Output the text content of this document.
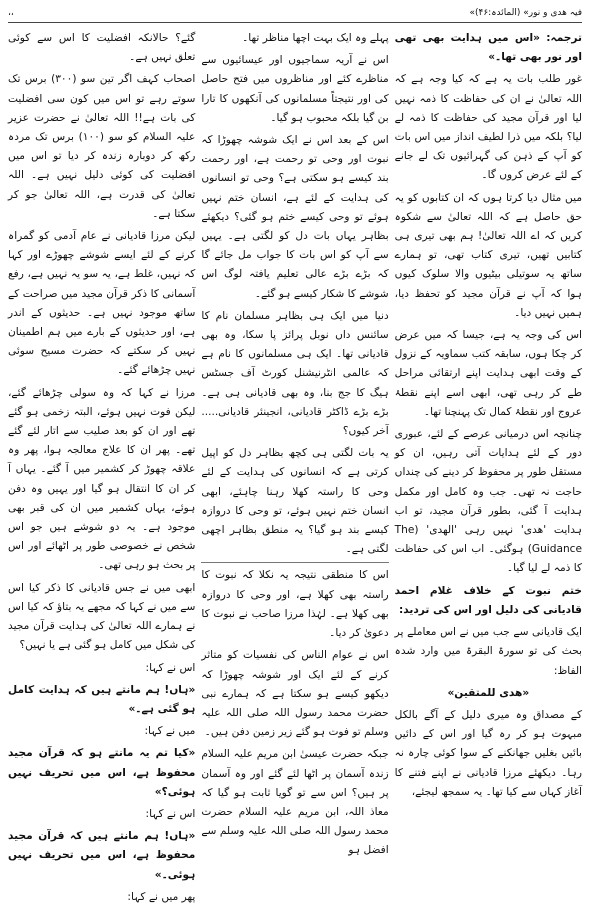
،،	«فیہ ھدی و نور» (المائدہ:۴۶)

ترجمہ: «اس میں ہدایت بھی تھی اور نور بھی تھا۔»

غور طلب بات یہ ہے کہ کیا وجہ ہے کہ اللہ تعالیٰ نے ان کی حفاظت کا ذمہ نہیں لیا اور قرآن مجید کی حفاظت کا ذمہ لے لیا؟ بلکہ میں ذرا لطیف انداز میں اس بات کو آپ کے ذہن کی گہرائیوں تک لے جانے کے لئے عرض کروں گا۔

میں مثال دیا کرتا ہوں کہ ان کتابوں کو یہ حق حاصل ہے کہ اللہ تعالیٰ سے شکوہ کریں کہ اے اللہ تعالیٰ! ہم بھی تیری ہی کتابیں تھیں، تیری کتاب تھی، تو ہمارے ساتھ یہ سوتیلی بیٹیوں والا سلوک کیوں ہوا کہ آپ نے قرآن مجید کو تحفظ دیا، ہمیں نہیں دیا۔

اس کی وجہ یہ ہے، جیسا کہ میں عرض کر چکا ہوں، سابقہ کتب سماویہ کے نزول کے وقت ابھی ہدایت اپنے ارتقائی مراحل طے کر رہی تھی، ابھی اسے اپنے نقطۂ عروج اور نقطۂ کمال تک پہنچنا تھا۔

چنانچہ اس درمیانی عرصے کے لئے، عبوری دور کے لئے ہدایات آتی رہیں، ان کو مستقل طور پر محفوظ کر دینے کی چنداں حاجت نہ تھی۔ جب وہ کامل اور مکمل ہدایت آ گئی، بطور قرآن مجید، تو اب ہدایت 'ھدی' نہیں رہی 'الھدی' (The Guidance) ہوگئی۔ اب اس کی حفاظت کا ذمہ لے لیا گیا۔

ختم نبوت کے خلاف غلام احمد قادیانی کی دلیل اور اس کی تردید:

ایک قادیانی سے جب میں نے اس معاملے پر بحث کی تو سورۃ البقرۃ میں وارد شدہ الفاظ:

«ھدی للمتقین»

کے مصداق وہ میری دلیل کے آگے بالکل مبہوت ہو کر رہ گیا اور اس کے دائیں بائیں بغلیں جھانکنے کے سوا کوئی چارہ نہ رہا۔ دیکھئے مرزا قادیانی نے اپنے فتنے کا آغاز کہاں سے کیا تھا۔ یہ سمجھ لیجئے،

پہلے وہ ایک بہت اچھا مناظر تھا۔

اس نے آریہ سماجیوں اور عیسائیوں سے مناظرے کئے اور مناظروں میں فتح حاصل کی اور نتیجتاً مسلمانوں کی آنکھوں کا تارا بن گیا بلکہ محبوب ہو گیا۔

اس کے بعد اس نے ایک شوشہ چھوڑا کہ نبوت اور وحی تو رحمت ہے، اور رحمت بند کیسے ہو سکتی ہے؟ وحی تو انسانوں کی ہدایت کے لئے ہے، انسان ختم نہیں ہوئے تو وحی کیسے ختم ہو گئی؟ دیکھئے بظاہر یہاں بات دل کو لگتی ہے۔ یہیں سے آپ کو اس بات کا جواب مل جائے گا کہ بڑے بڑے عالی تعلیم یافتہ لوگ اس شوشے کا شکار کیسے ہو گئے۔

دنیا میں ایک ہی بظاہر مسلمان نام کا سائنس داں نوبل پرائز پا سکا، وہ بھی قادیانی تھا۔ ایک ہی مسلمانوں کا نام ہے کہ عالمی انٹرنیشنل کورٹ آف جسٹس ہیگ کا جج بنا، وہ بھی قادیانی ہی ہے۔ بڑے بڑے ڈاکٹر قادیانی، انجینئر قادیانی..... آخر کیوں؟

یہ بات لگتی ہی کچھ بظاہر دل کو اپیل کرتی ہے کہ انسانوں کی ہدایت کے لئے وحی کا راستہ کھلا رہنا چاہئے، ابھی انسان ختم نہیں ہوئے، تو وحی کا دروازہ کیسے بند ہو گیا؟ یہ منطق بظاہر اچھی لگتی ہے۔

اس کا منطقی نتیجہ یہ نکلا کہ نبوت کا راستہ بھی کھلا ہے، اور وحی کا دروازہ بھی کھلا ہے۔ لہٰذا مرزا صاحب نے نبوت کا دعویٰ کر دیا۔

اس نے عوام الناس کی نفسیات کو متاثر کرنے کے لئے ایک اور شوشہ چھوڑا کہ دیکھو کیسے ہو سکتا ہے کہ ہمارے نبی حضرت محمد رسول اللہ صلی اللہ علیہ وسلم تو فوت ہو گئے زیر زمین دفن ہیں۔

جبکہ حضرت عیسیٰ ابن مریم علیہ السلام زندہ آسمان پر اٹھا لئے گئے اور وہ آسمان پر ہیں؟ اس سے تو گویا ثابت ہو گیا کہ معاذ اللہ، ابن مریم علیہ السلام حضرت محمد رسول اللہ صلی اللہ علیہ وسلم سے افضل ہو

گئے؟ حالانکہ افضلیت کا اس سے کوئی تعلق نہیں ہے۔

اصحاب کہف اگر تین سو (۳۰۰) برس تک سوتے رہے تو اس میں کون سی افضلیت کی بات ہے!! اللہ تعالیٰ نے حضرت عزیر علیہ السلام کو سو (۱۰۰) برس تک مردہ رکھ کر دوبارہ زندہ کر دیا تو اس میں افضلیت کی کوئی دلیل نہیں ہے۔ اللہ تعالیٰ کی قدرت ہے، اللہ تعالیٰ جو کر سکتا ہے۔

لیکن مرزا قادیانی نے عام آدمی کو گمراہ کرنے کے لئے ایسے شوشے چھوڑے اور کہا کہ نہیں، غلط ہے، یہ سو یہ نہیں ہے، رفع آسمانی کا ذکر قرآن مجید میں صراحت کے ساتھ موجود نہیں ہے۔ حدیثوں کے اندر ہے، اور حدیثوں کے بارے میں ہم اطمینان نہیں کر سکتے کہ حضرت مسیح سوئی نہیں چڑھائے گئے۔

مرزا نے کہا کہ وہ سولی چڑھائے گئے، لیکن فوت نہیں ہوئے، البتہ زخمی ہو گئے تھے اور ان کو بعد صلیب سے اتار لئے گئے تھے۔ پھر ان کا علاج معالجہ ہوا، پھر وہ علاقہ چھوڑ کر کشمیر میں آ گئے۔ یہاں آ کر ان کا انتقال ہو گیا اور یہیں وہ دفن ہوئے، یہاں کشمیر میں ان کی قبر بھی موجود ہے۔ یہ دو شوشے ہیں جو اس شخص نے خصوصی طور پر اٹھائے اور اس پر بحث ہو رہی تھی۔

ابھی میں نے جس قادیانی کا ذکر کیا اس سے میں نے کہا کہ مجھے یہ بتاؤ کہ کیا اس نے ہمارے اللہ تعالیٰ کی ہدایت قرآن مجید کی شکل میں کامل ہو گئی ہے یا نہیں؟

اس نے کہا:

«ہاں! ہم مانتے ہیں کہ ہدایت کامل ہو گئی ہے۔»

میں نے کہا:

«کیا تم یہ مانتے ہو کہ قرآن مجید محفوظ ہے، اس میں تحریف نہیں ہوئی؟»

اس نے کہا:

«ہاں! ہم مانتے ہیں کہ قرآن مجید محفوظ ہے، اس میں تحریف نہیں ہوئی۔»

پھر میں نے کہا:
